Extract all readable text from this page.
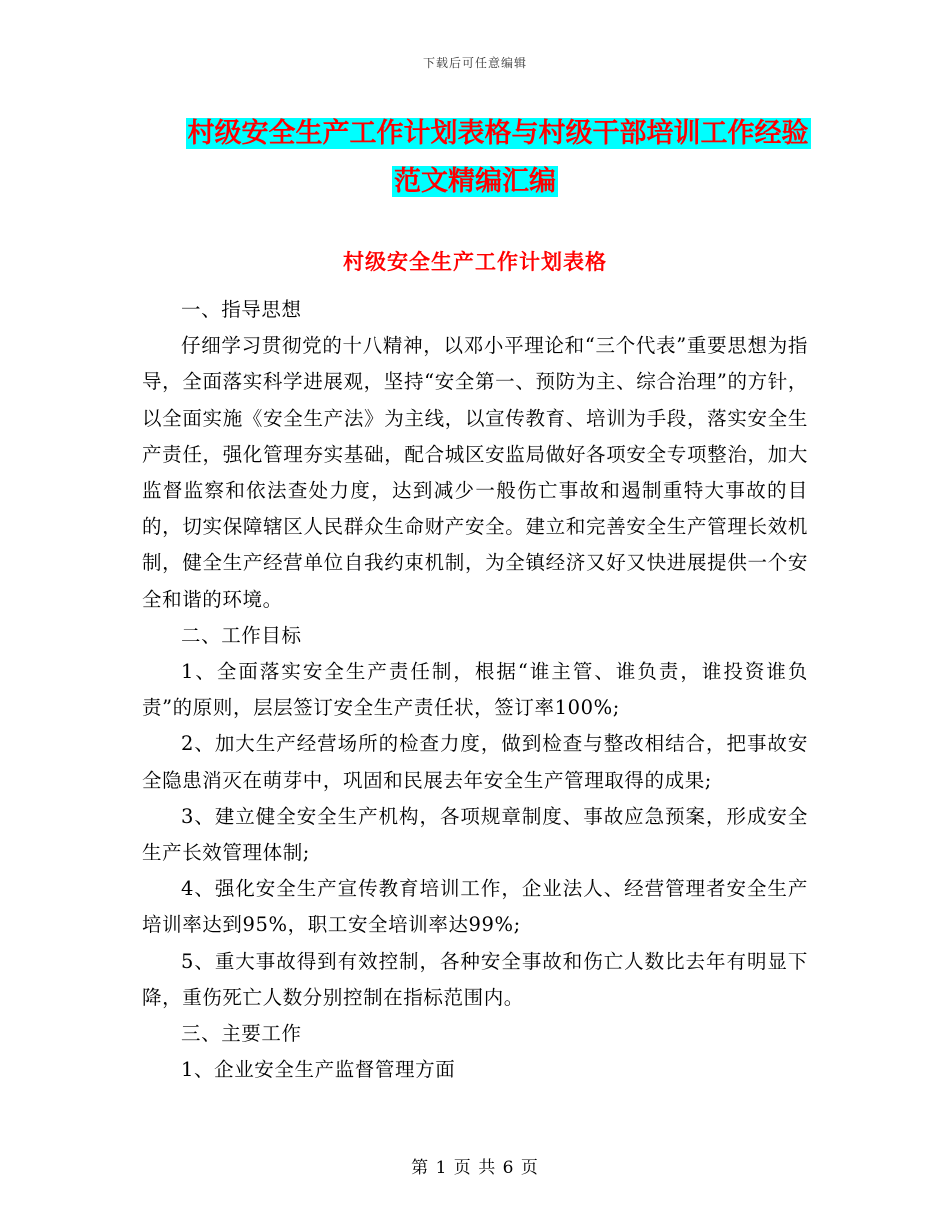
下载后可任意编辑
村级安全生产工作计划表格与村级干部培训工作经验
范文精编汇编
村级安全生产工作计划表格

一、指导思想

仔细学习贯彻党的十八精神，以邓小平理论和“三个代表”重要思想为指导，全面落实科学进展观，坚持“安全第一、预防为主、综合治理”的方针，以全面实施《安全生产法》为主线，以宣传教育、培训为手段，落实安全生产责任，强化管理夯实基础，配合城区安监局做好各项安全专项整治，加大监督监察和依法查处力度，达到减少一般伤亡事故和遏制重特大事故的目的，切实保障辖区人民群众生命财产安全。建立和完善安全生产管理长效机制，健全生产经营单位自我约束机制，为全镇经济又好又快进展提供一个安全和谐的环境。

二、工作目标

1、全面落实安全生产责任制，根据“谁主管、谁负责，谁投资谁负责”的原则，层层签订安全生产责任状，签订率100%;

2、加大生产经营场所的检查力度，做到检查与整改相结合，把事故安全隐患消灭在萌芽中，巩固和民展去年安全生产管理取得的成果;

3、建立健全安全生产机构，各项规章制度、事故应急预案，形成安全生产长效管理体制;

4、强化安全生产宣传教育培训工作，企业法人、经营管理者安全生产培训率达到95%，职工安全培训率达99%;

5、重大事故得到有效控制，各种安全事故和伤亡人数比去年有明显下降，重伤死亡人数分别控制在指标范围内。

三、主要工作

1、企业安全生产监督管理方面

第 1 页 共 6 页
